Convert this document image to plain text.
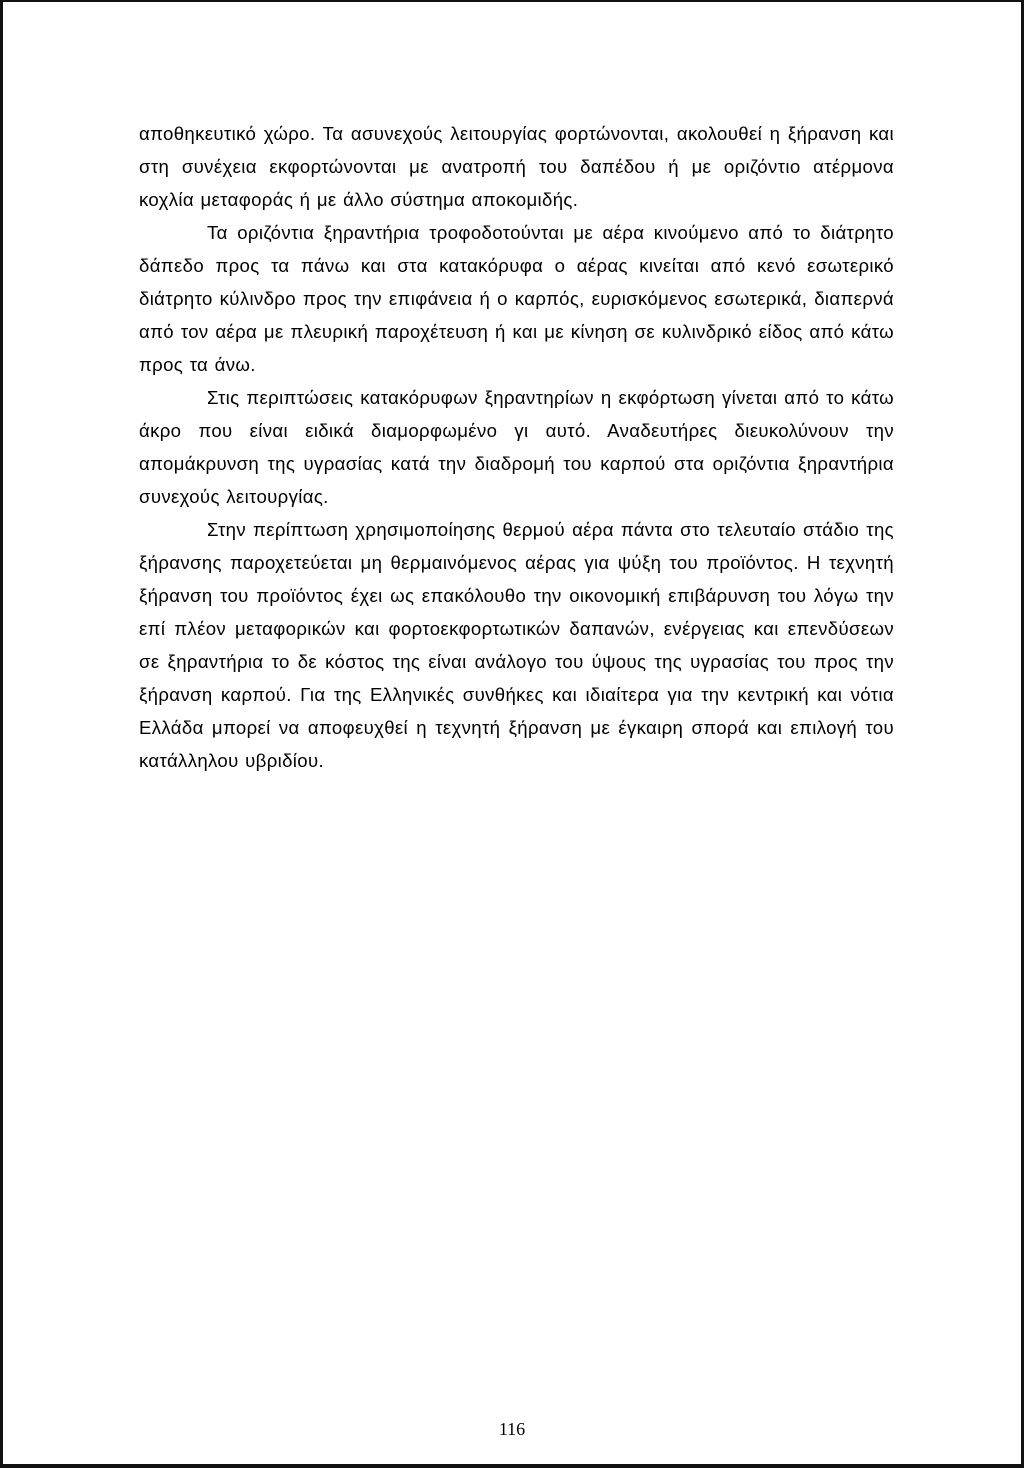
αποθηκευτικό χώρο. Τα ασυνεχούς λειτουργίας φορτώνονται, ακολουθεί η ξήρανση και στη συνέχεια εκφορτώνονται με ανατροπή του δαπέδου ή με οριζόντιο ατέρμονα κοχλία μεταφοράς ή με άλλο σύστημα αποκομιδής.

Τα οριζόντια ξηραντήρια τροφοδοτούνται με αέρα κινούμενο από το διάτρητο δάπεδο προς τα πάνω και στα κατακόρυφα ο αέρας κινείται από κενό εσωτερικό διάτρητο κύλινδρο προς την επιφάνεια ή ο καρπός, ευρισκόμενος εσωτερικά, διαπερνά από τον αέρα με πλευρική παροχέτευση ή και με κίνηση σε κυλινδρικό είδος από κάτω προς τα άνω.

Στις περιπτώσεις κατακόρυφων ξηραντηρίων η εκφόρτωση γίνεται από το κάτω άκρο που είναι ειδικά διαμορφωμένο γι αυτό. Αναδευτήρες διευκολύνουν την απομάκρυνση της υγρασίας κατά την διαδρομή του καρπού στα οριζόντια ξηραντήρια συνεχούς λειτουργίας.

Στην περίπτωση χρησιμοποίησης θερμού αέρα πάντα στο τελευταίο στάδιο της ξήρανσης παροχετεύεται μη θερμαινόμενος αέρας για ψύξη του προϊόντος. Η τεχνητή ξήρανση του προϊόντος έχει ως επακόλουθο την οικονομική επιβάρυνση του λόγω την επί πλέον μεταφορικών και φορτοεκφορτωτικών δαπανών, ενέργειας και επενδύσεων σε ξηραντήρια το δε κόστος της είναι ανάλογο του ύψους της υγρασίας του προς την ξήρανση καρπού. Για της Ελληνικές συνθήκες και ιδιαίτερα για την κεντρική και νότια Ελλάδα μπορεί να αποφευχθεί η τεχνητή ξήρανση με έγκαιρη σπορά και επιλογή του κατάλληλου υβριδίου.

116
